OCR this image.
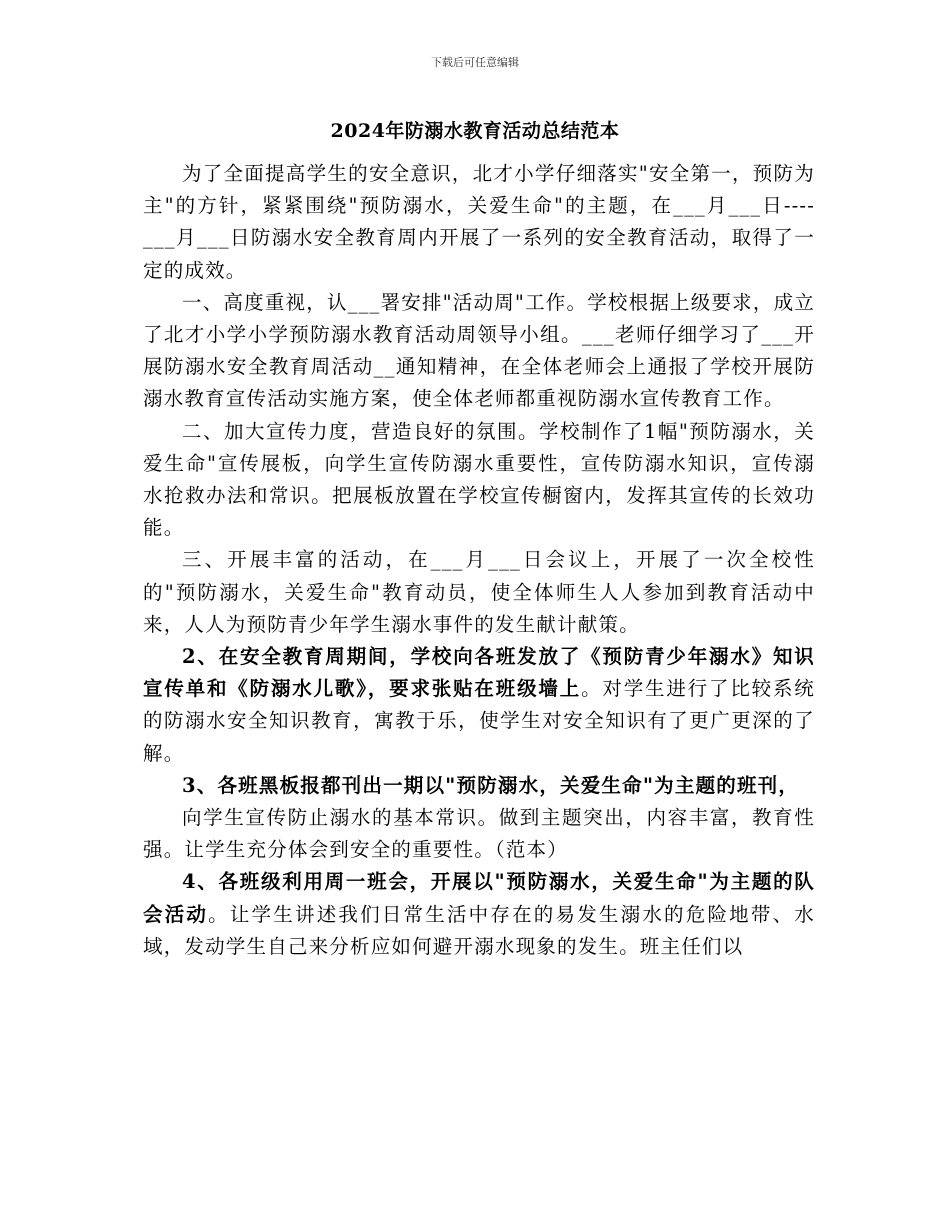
下载后可任意编辑
2024年防溺水教育活动总结范本

为了全面提高学生的安全意识，北才小学仔细落实"安全第一，预防为主"的方针，紧紧围绕"预防溺水，关爱生命"的主题，在___月___日----___月___日防溺水安全教育周内开展了一系列的安全教育活动，取得了一定的成效。

一、高度重视，认___署安排"活动周"工作。学校根据上级要求，成立了北才小学小学预防溺水教育活动周领导小组。___老师仔细学习了___开展防溺水安全教育周活动__通知精神，在全体老师会上通报了学校开展防溺水教育宣传活动实施方案，使全体老师都重视防溺水宣传教育工作。

二、加大宣传力度，营造良好的氛围。学校制作了1幅"预防溺水，关爱生命"宣传展板，向学生宣传防溺水重要性，宣传防溺水知识，宣传溺水抢救办法和常识。把展板放置在学校宣传橱窗内，发挥其宣传的长效功能。

三、开展丰富的活动，在___月___日会议上，开展了一次全校性的"预防溺水，关爱生命"教育动员，使全体师生人人参加到教育活动中来，人人为预防青少年学生溺水事件的发生献计献策。

2、在安全教育周期间，学校向各班发放了《预防青少年溺水》知识宣传单和《防溺水儿歌》，要求张贴在班级墙上。对学生进行了比较系统的防溺水安全知识教育，寓教于乐，使学生对安全知识有了更广更深的了解。

3、各班黑板报都刊出一期以"预防溺水，关爱生命"为主题的班刊，

向学生宣传防止溺水的基本常识。做到主题突出，内容丰富，教育性强。让学生充分体会到安全的重要性。（范本）

4、各班级利用周一班会，开展以"预防溺水，关爱生命"为主题的队会活动。让学生讲述我们日常生活中存在的易发生溺水的危险地带、水域，发动学生自己来分析应如何避开溺水现象的发生。班主任们以
